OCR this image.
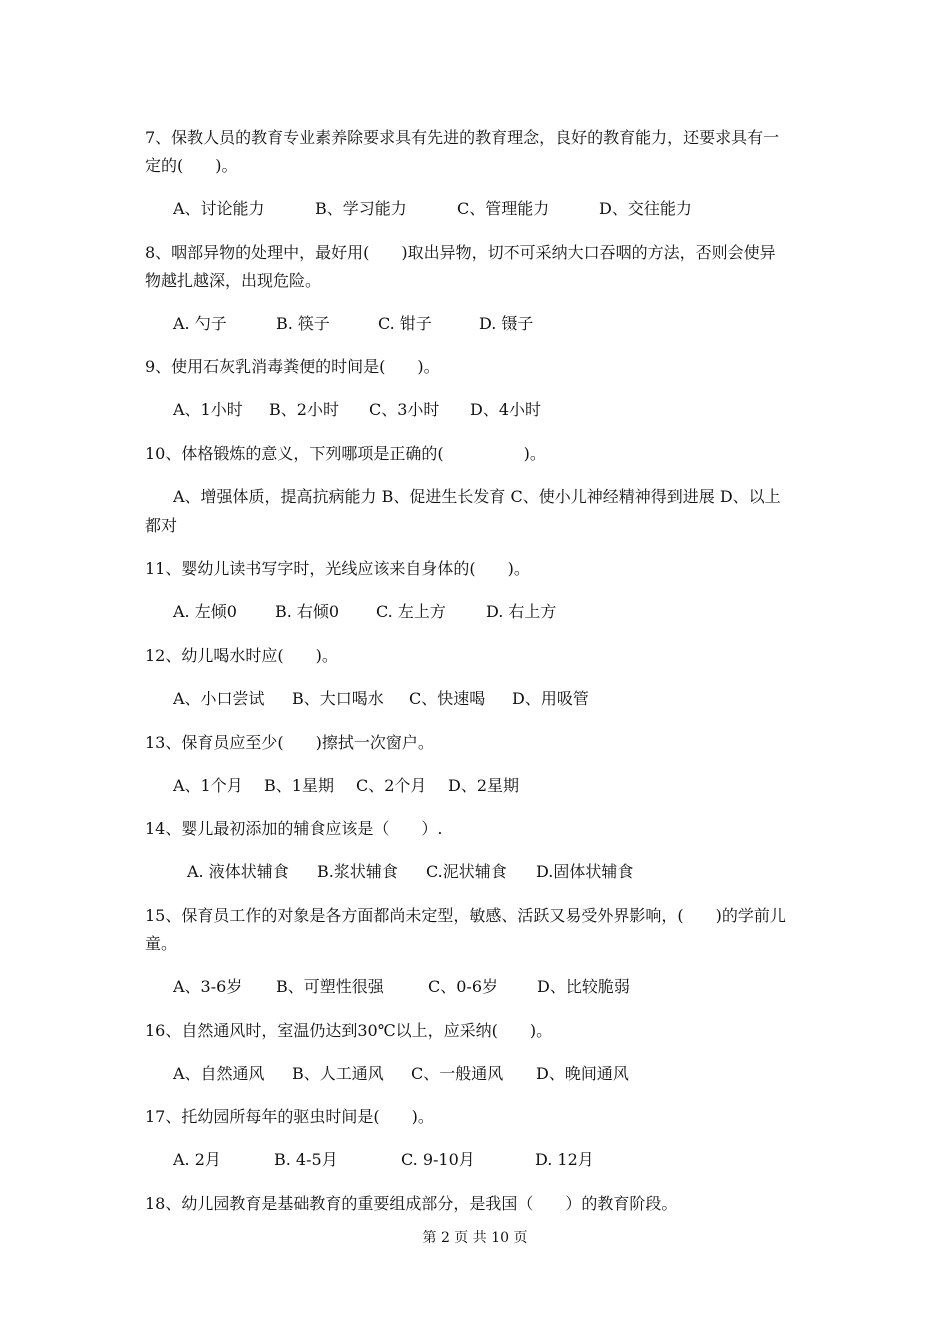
7、保教人员的教育专业素养除要求具有先进的教育理念，良好的教育能力，还要求具有一
定的(　　)。
A、讨论能力	B、学习能力	C、管理能力	D、交往能力
8、咽部异物的处理中，最好用(　　)取出异物，切不可采纳大口吞咽的方法，否则会使异
物越扎越深，出现危险。
A. 勺子	B. 筷子	C. 钳子	D. 镊子
9、使用石灰乳消毒粪便的时间是(　　)。
A、1小时 B、2小时 C、3小时 D、4小时
10、体格锻炼的意义，下列哪项是正确的(　　　　　)。
A、增强体质，提高抗病能力 B、促进生长发育 C、使小儿神经精神得到进展 D、以上
都对
11、婴幼儿读书写字时，光线应该来自身体的(　　)。
A. 左倾0 B. 右倾0 C. 左上方	D. 右上方
12、幼儿喝水时应(　　)。
A、小口尝试 B、大口喝水 C、快速喝 D、用吸管
13、保育员应至少(　　)擦拭一次窗户。
A、1个月 B、1星期 C、2个月 D、2星期
14、婴儿最初添加的辅食应该是（　　）.
A. 液体状辅食 B.浆状辅食 C.泥状辅食 D.固体状辅食
15、保育员工作的对象是各方面都尚未定型，敏感、活跃又易受外界影响，(　　)的学前儿
童。
A、3-6岁 B、可塑性很强	C、0-6岁 D、比较脆弱
16、自然通风时，室温仍达到30℃以上，应采纳(　　)。
A、自然通风 B、人工通风 C、一般通风 D、晚间通风
17、托幼园所每年的驱虫时间是(　　)。
A. 2月	B. 4-5月	C. 9-10月	D. 12月
18、幼儿园教育是基础教育的重要组成部分，是我国（　　）的教育阶段。
第 2 页 共 10 页
